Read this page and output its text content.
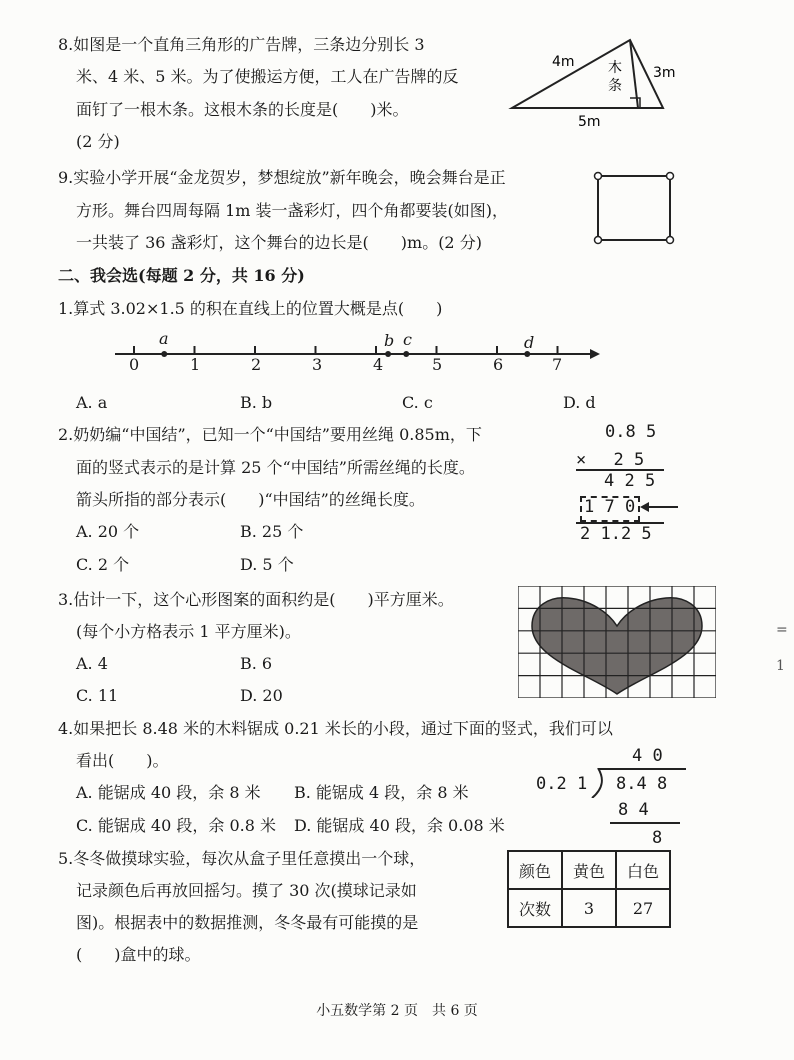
8.如图是一个直角三角形的广告牌，三条边分别长 3
米、4 米、5 米。为了使搬运方便，工人在广告牌的反
面钉了一根木条。这根木条的长度是(　　)米。
(2 分)
4m
3m
5m
木
条
9.实验小学开展“金龙贺岁，梦想绽放”新年晚会，晚会舞台是正
方形。舞台四周每隔 1m 装一盏彩灯，四个角都要装(如图)，
一共装了 36 盏彩灯，这个舞台的边长是(　　)m。(2 分)
二、我会选(每题 2 分，共 16 分)
1.算式 3.02×1.5 的积在直线上的位置大概是点(　　)
0	1	2	3	4	5	6	7
a	b c	d
A. a	B. b	C. c	D. d
2.奶奶编“中国结”，已知一个“中国结”要用丝绳 0.85m，下
面的竖式表示的是计算 25 个“中国结”所需丝绳的长度。
箭头所指的部分表示(　　)“中国结”的丝绳长度。
A. 20 个	B. 25 个
C. 2 个	D. 5 个
0.8 5
×　 2 5
4 2 5
1 7 0
2 1.2 5
3.估计一下，这个心形图案的面积约是(　　)平方厘米。
(每个小方格表示 1 平方厘米)。
A. 4	B. 6
C. 11	D. 20
4.如果把长 8.48 米的木料锯成 0.21 米长的小段，通过下面的竖式，我们可以
看出(　　)。
A. 能锯成 40 段，余 8 米 B. 能锯成 4 段，余 8 米
C. 能锯成 40 段，余 0.8 米 D. 能锯成 40 段，余 0.08 米
4 0
0.2 1 8.4 8
8 4
8
5.冬冬做摸球实验，每次从盒子里任意摸出一个球，
记录颜色后再放回摇匀。摸了 30 次(摸球记录如
图)。根据表中的数据推测，冬冬最有可能摸的是
(　　)盒中的球。
颜色	黄色	白色
次数	3	27
=
1
小五数学第 2 页　共 6 页
